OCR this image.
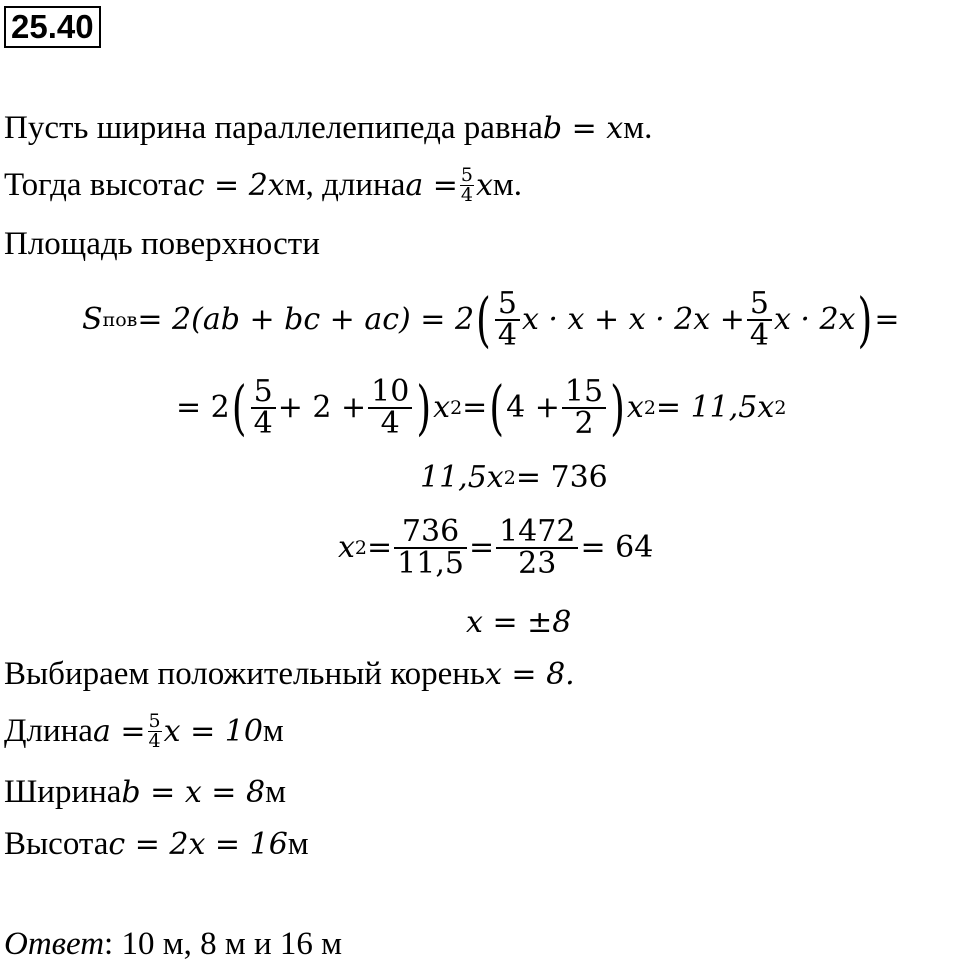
25.40
Пусть ширина параллелепипеда равна b = x м.
Тогда высота c = 2x м, длина $a = \frac{5}{4}$ x м.
Площадь поверхности
S пов = 2(ab + bc + ac) = 2 ( $\frac{5}{4}$ $x \cdot x + x \cdot 2x + \frac{5}{4}$ x · 2x ) =
= 2 ( $\frac{5}{4} + 2 + \frac{10}{4}$ ) x 2 = ( $4 + \frac{15}{2}$ ) x 2 = 11,5x 2
11,5x 2 = 736
x $2 = \frac{736}{11,5} = \frac{1472}{23} = 64$
x = ±8
Выбираем положительный корень x = 8.
Длина $a = \frac{5}{4}$ x = 10 м
Ширина b = x = 8 м
Высота c = 2x = 16 м
Ответ: 10 м, 8 м и 16 м
